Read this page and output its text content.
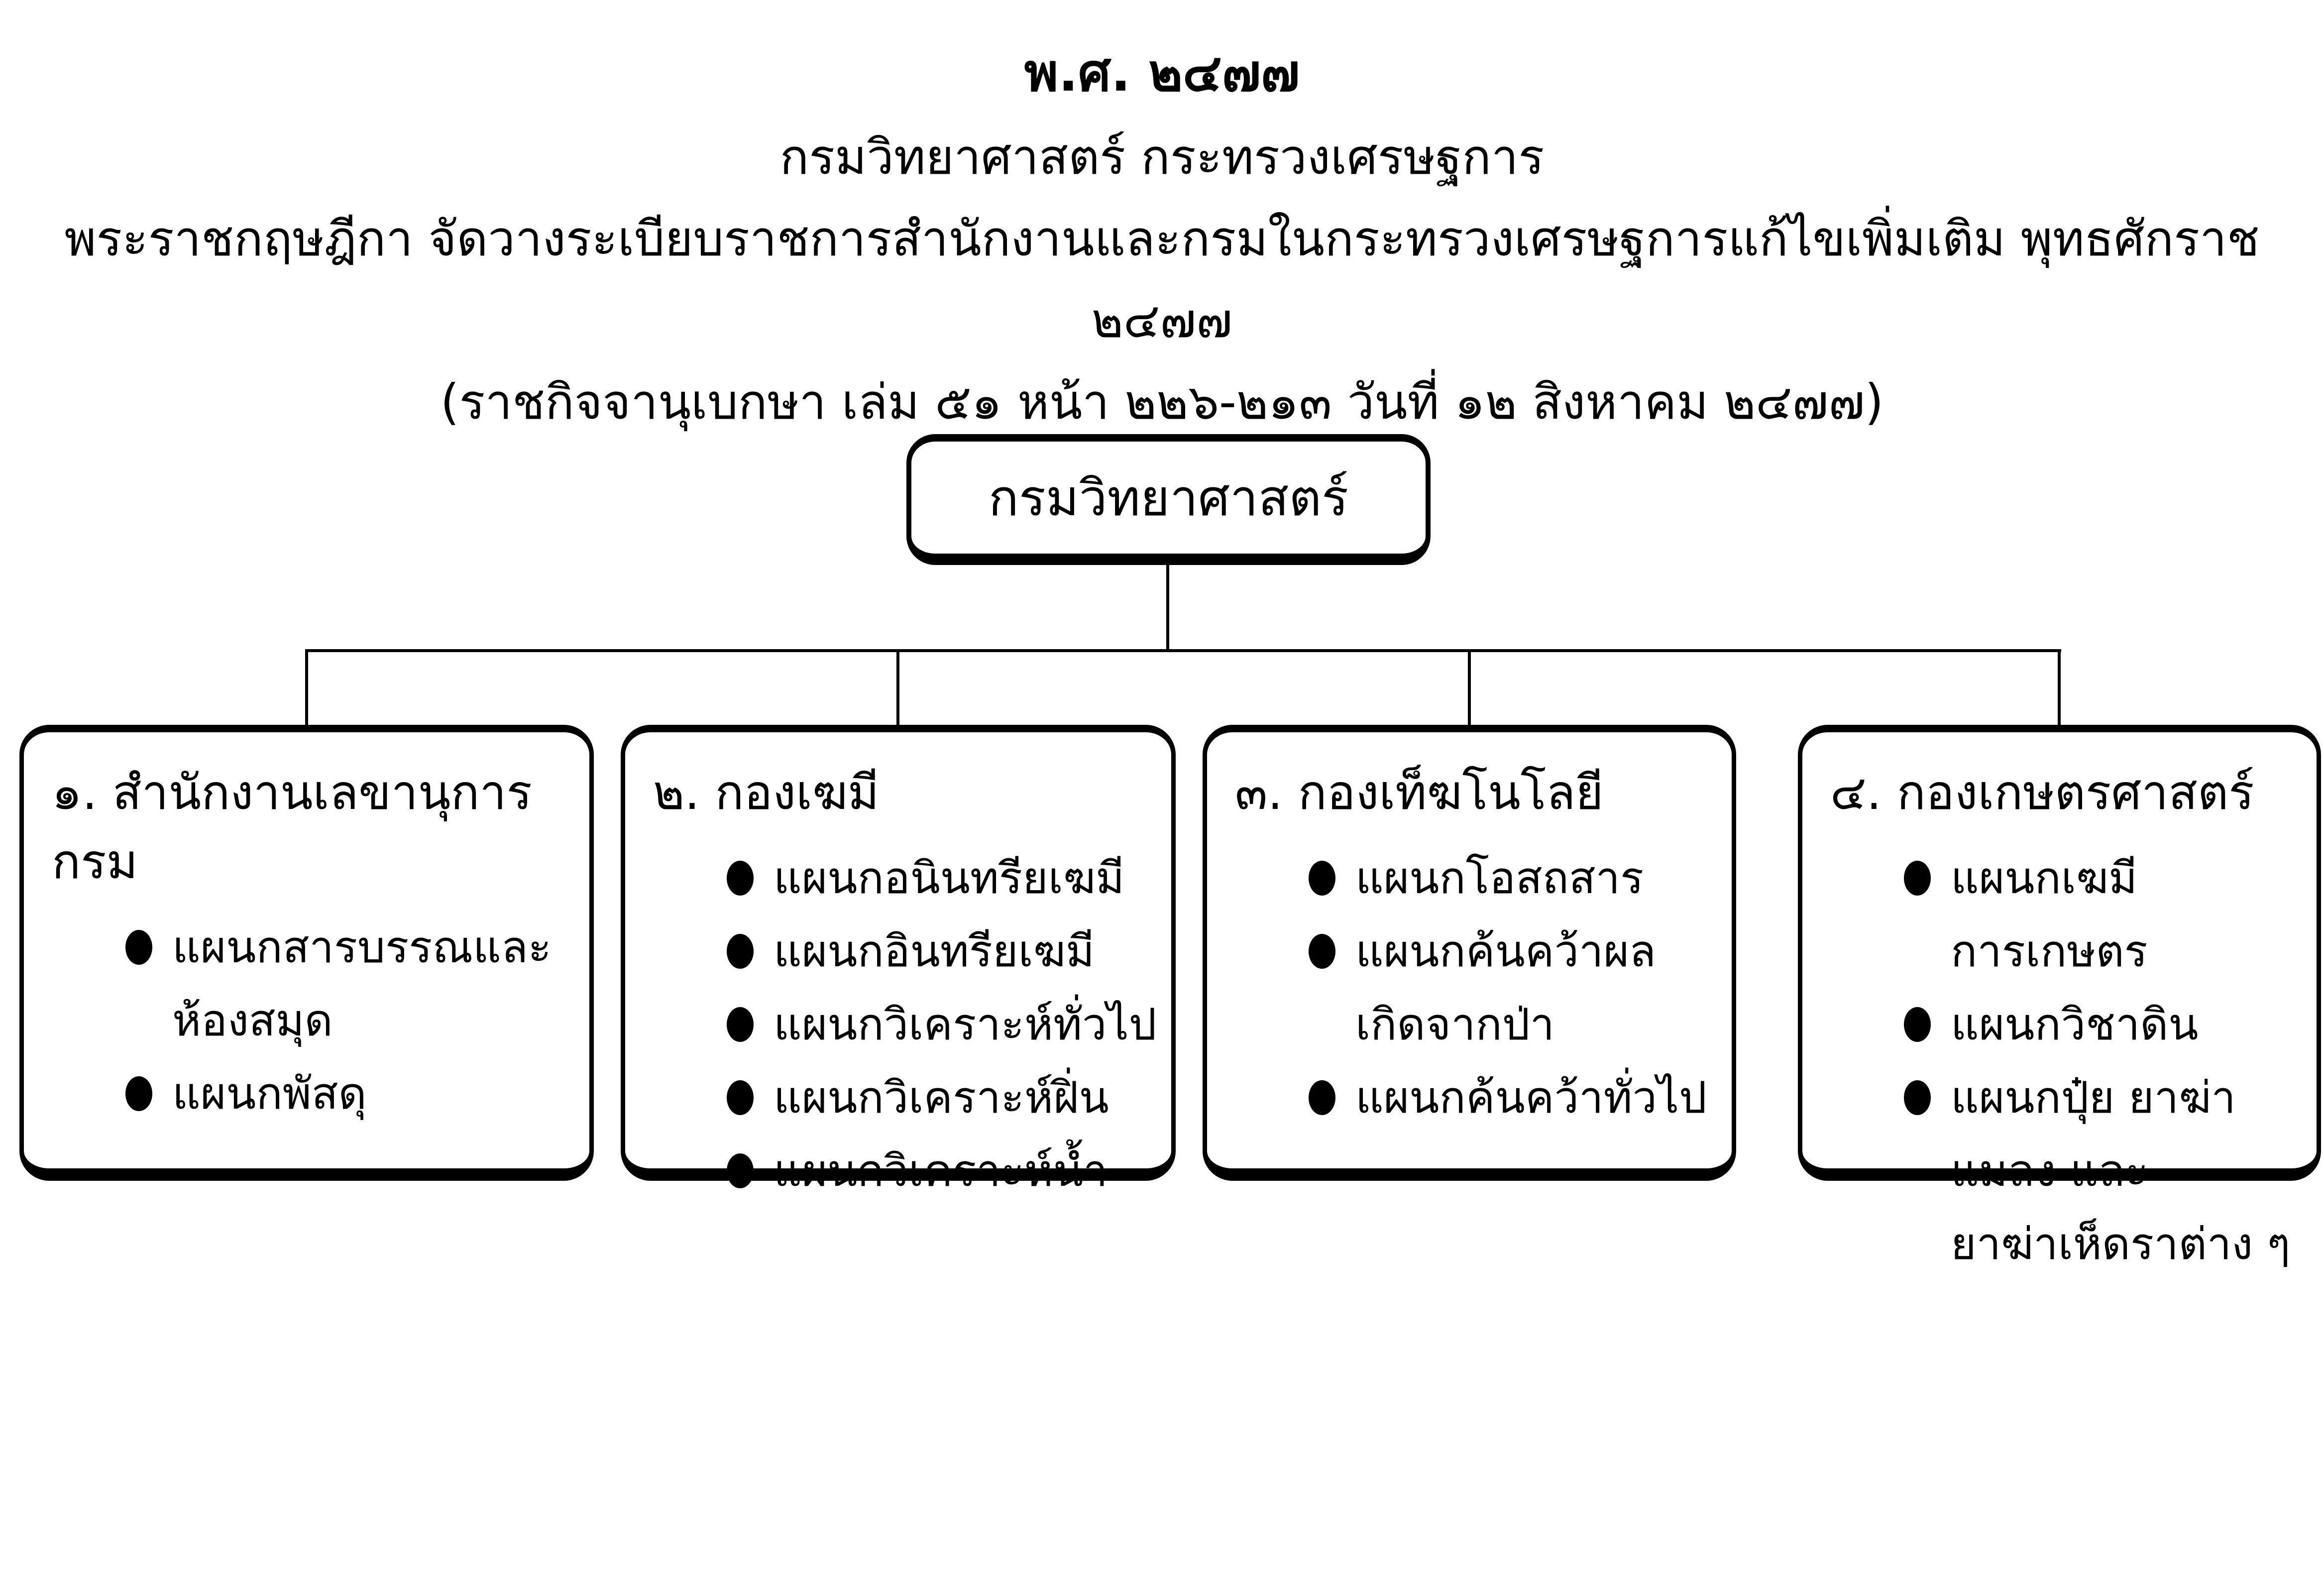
พ.ศ. ๒๔๗๗
กรมวิทยาศาสตร์ กระทรวงเศรษฐการ
พระราชกฤษฎีกา จัดวางระเบียบราชการสำนักงานและกรมในกระทรวงเศรษฐการแก้ไขเพิ่มเติม พุทธศักราช ๒๔๗๗
(ราชกิจจานุเบกษา เล่ม ๕๑ หน้า ๒๒๖-๒๑๓ วันที่ ๑๒ สิงหาคม ๒๔๗๗)
กรมวิทยาศาสตร์
๑. สำนักงานเลขานุการกรม
แผนกสารบรรณและห้องสมุด
แผนกพัสดุ
๒. กองเฆมี
แผนกอนินทรียเฆมี
แผนกอินทรียเฆมี
แผนกวิเคราะห์ทั่วไป
แผนกวิเคราะห์ฝิ่น
แผนกวิเคราะห์น้ำ
๓. กองเท็ฆโนโลยี
แผนกโอสถสาร
แผนกค้นคว้าผลเกิดจากป่า
แผนกค้นคว้าทั่วไป
๔. กองเกษตรศาสตร์
แผนกเฆมีการเกษตร
แผนกวิชาดิน
แผนกปุ๋ย ยาฆ่าแมลง และ
ยาฆ่าเห็ดราต่าง ๆ
